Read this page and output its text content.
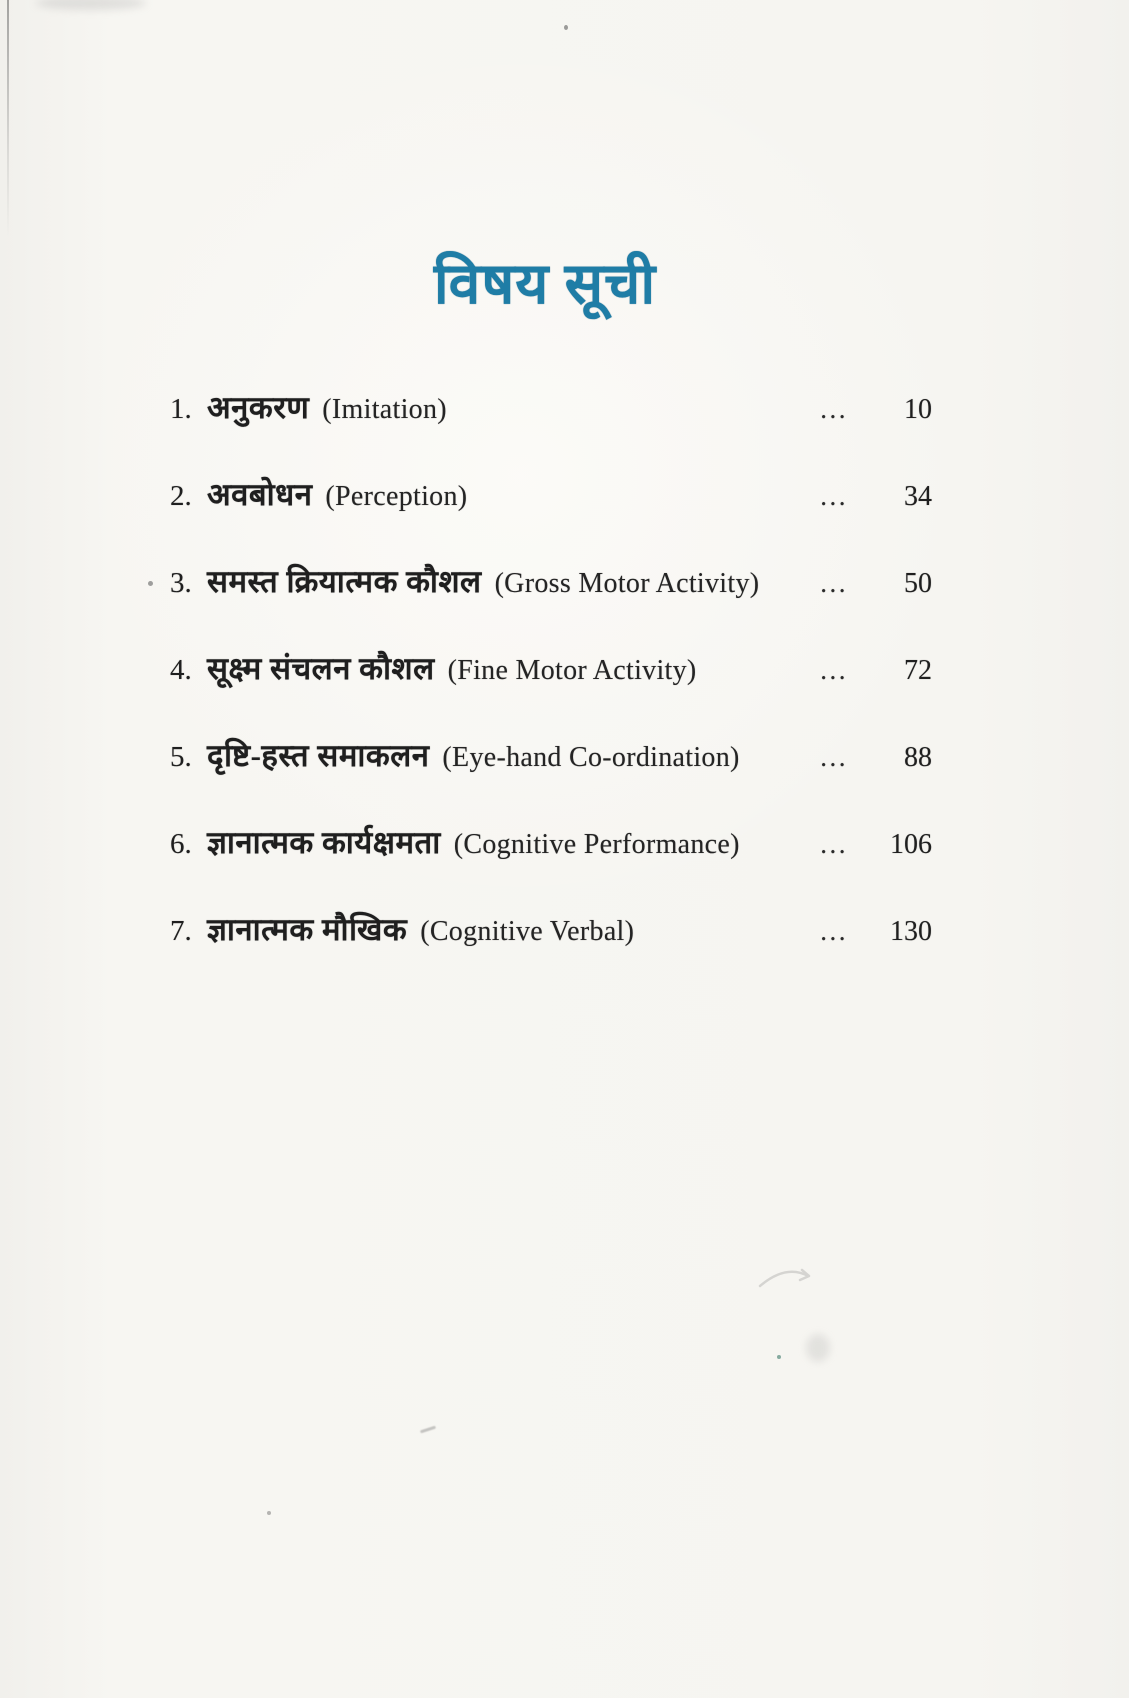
विषय सूची
1. अनुकरण (Imitation)	...	10
2. अवबोधन (Perception)	...	34
3. समस्त क्रियात्मक कौशल (Gross Motor Activity) ...	50
4. सूक्ष्म संचलन कौशल (Fine Motor Activity)	...	72
5. दृष्टि-हस्त समाकलन (Eye-hand Co-ordination)	...	88
6. ज्ञानात्मक कार्यक्षमता (Cognitive Performance)	...	106
7. ज्ञानात्मक मौखिक (Cognitive Verbal)	...	130
